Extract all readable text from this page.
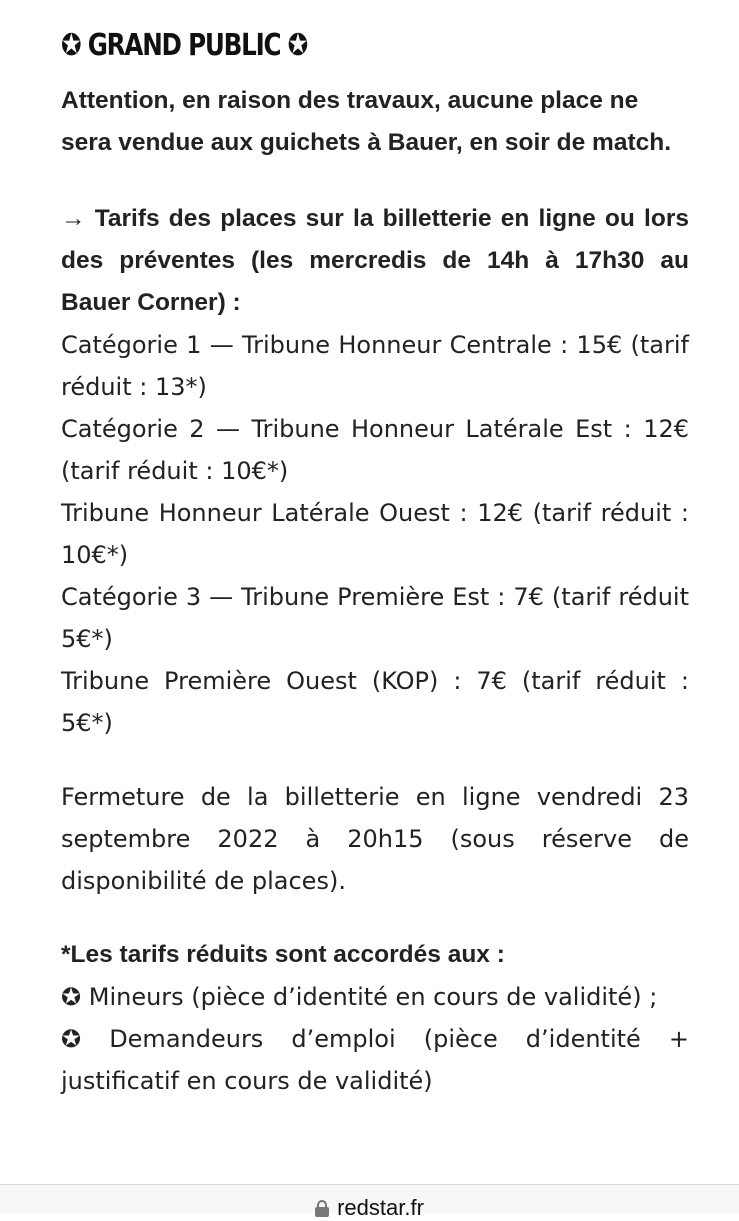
✪ GRAND PUBLIC ✪

Attention, en raison des travaux, aucune place ne sera vendue aux guichets à Bauer, en soir de match.

→ Tarifs des places sur la billetterie en ligne ou lors des préventes (les mercredis de 14h à 17h30 au Bauer Corner) :

Catégorie 1 — Tribune Honneur Centrale : 15€ (tarif réduit : 13*)

Catégorie 2 — Tribune Honneur Latérale Est : 12€ (tarif réduit : 10€*)

Tribune Honneur Latérale Ouest : 12€ (tarif réduit : 10€*)

Catégorie 3 — Tribune Première Est : 7€ (tarif réduit 5€*)

Tribune Première Ouest (KOP) : 7€ (tarif réduit : 5€*)

Fermeture de la billetterie en ligne vendredi 23 septembre 2022 à 20h15 (sous réserve de disponibilité de places).

*Les tarifs réduits sont accordés aux :

✪ Mineurs (pièce d’identité en cours de validité) ;

✪ Demandeurs d’emploi (pièce d’identité + justificatif en cours de validité)

redstar.fr
